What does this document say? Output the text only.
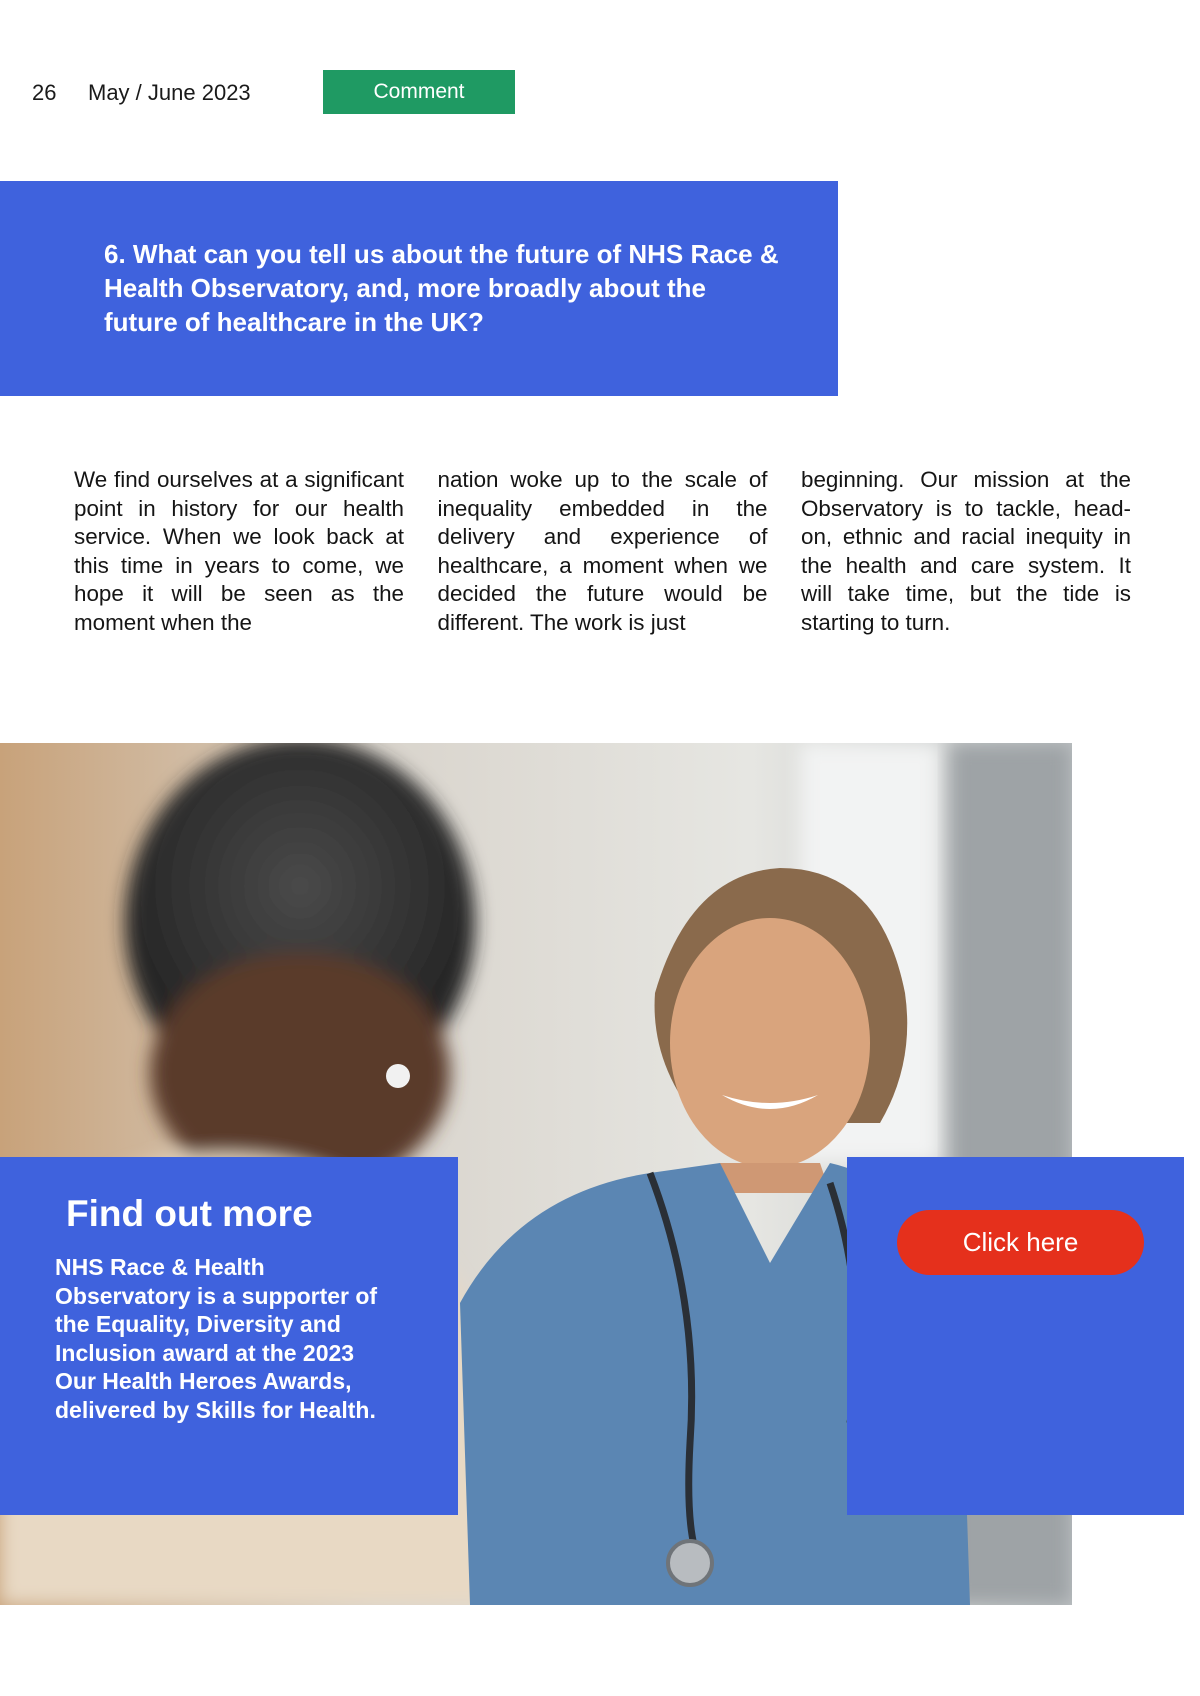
26 May / June 2023	Comment
6. What can you tell us about the future of NHS Race & Health Observatory, and, more broadly about the future of healthcare in the UK?

We find ourselves at a significant point in history for our health service. When we look back at this time in years to come, we hope it will be seen as the moment when the

nation woke up to the scale of inequality embedded in the delivery and experience of healthcare, a moment when we decided the future would be different. The work is just

beginning. Our mission at the Observatory is to tackle, head-on, ethnic and racial inequity in the health and care system. It will take time, but the tide is starting to turn.

Find out more

NHS Race & Health Observatory is a supporter of the Equality, Diversity and Inclusion award at the 2023 Our Health Heroes Awards, delivered by Skills for Health.

Click here
